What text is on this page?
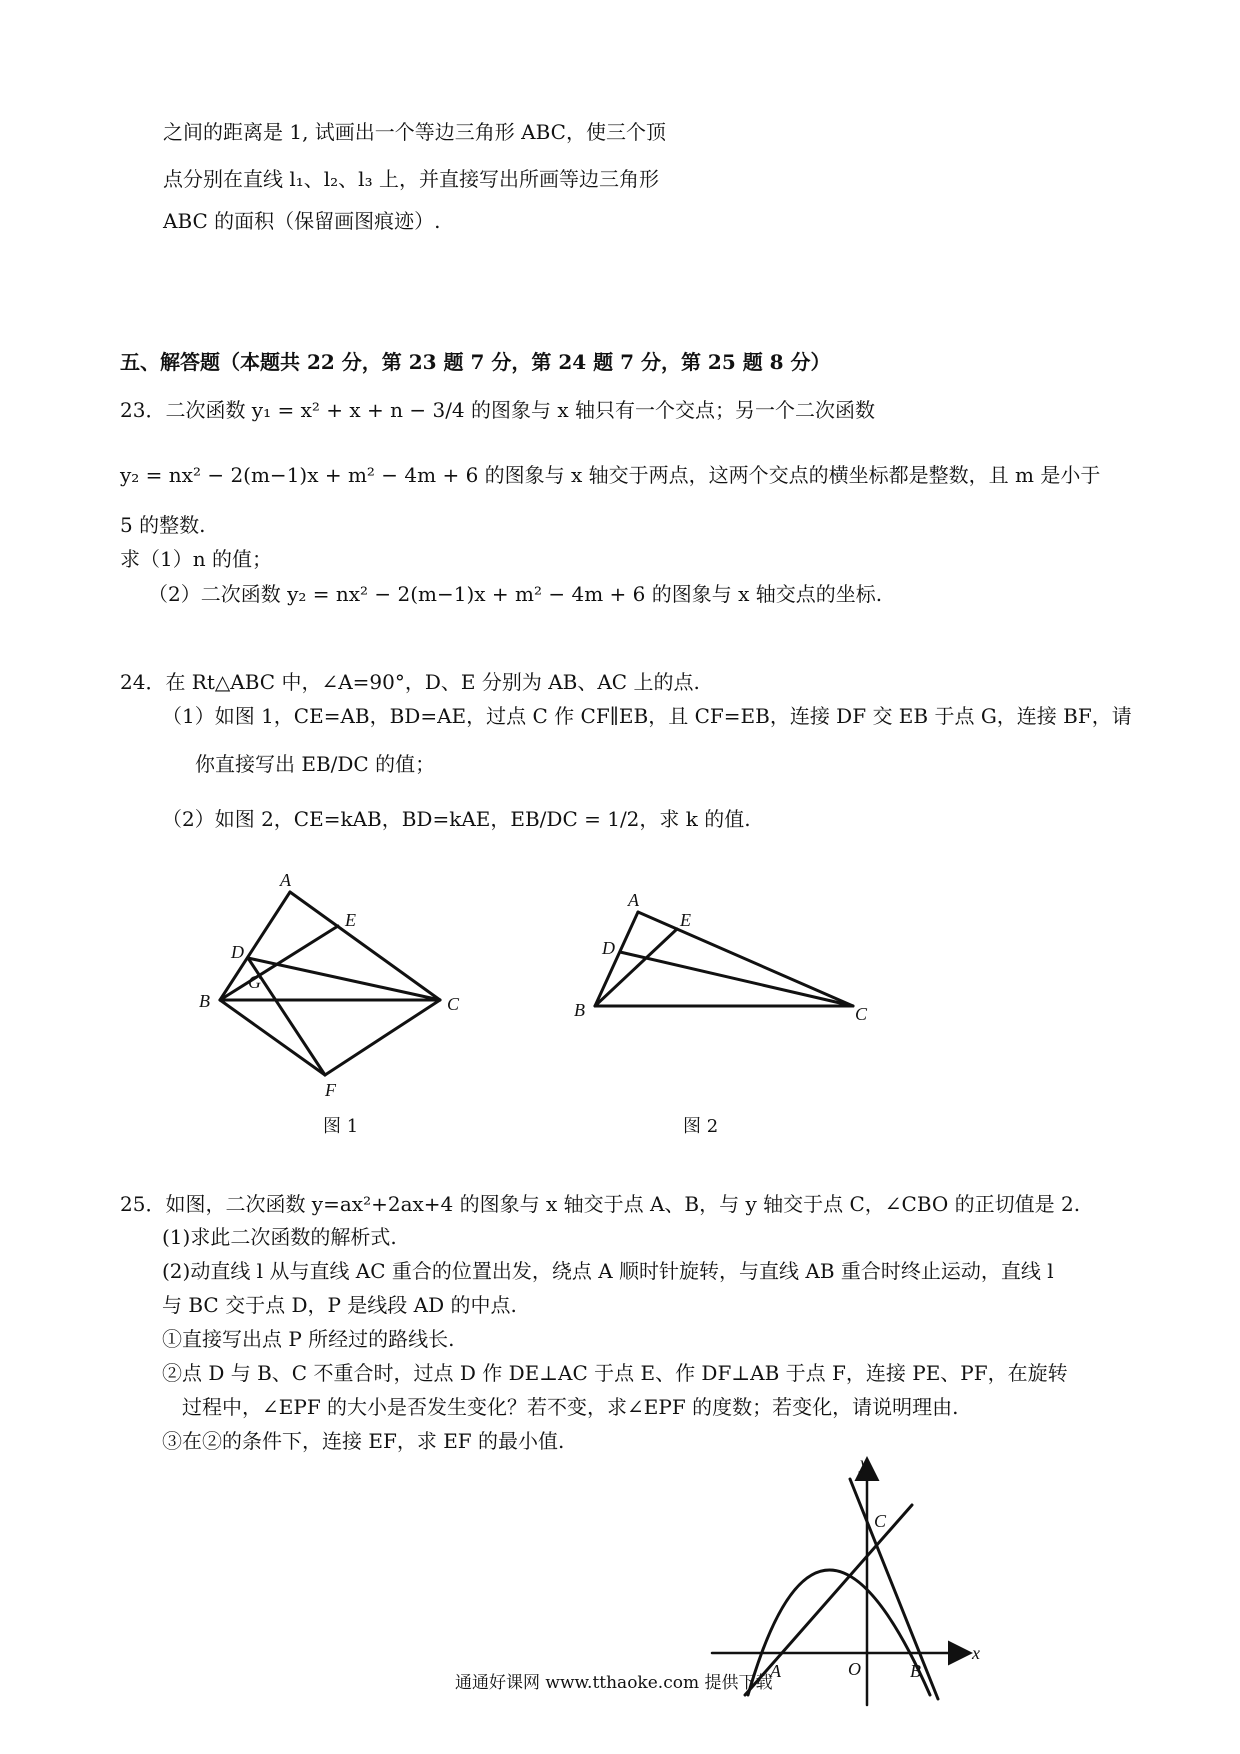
之间的距离是 1, 试画出一个等边三角形 ABC，使三个顶
点分别在直线 l₁、l₂、l₃ 上，并直接写出所画等边三角形
ABC 的面积（保留画图痕迹）.
五、解答题（本题共 22 分，第 23 题 7 分，第 24 题 7 分，第 25 题 8 分）
23．二次函数 y₁ = x² + x + n − 3/4 的图象与 x 轴只有一个交点；另一个二次函数
y₂ = nx² − 2(m−1)x + m² − 4m + 6 的图象与 x 轴交于两点，这两个交点的横坐标都是整数，且 m 是小于
5 的整数.
求（1）n 的值；
（2）二次函数 y₂ = nx² − 2(m−1)x + m² − 4m + 6 的图象与 x 轴交点的坐标.
24．在 Rt△ABC 中，∠A=90°，D、E 分别为 AB、AC 上的点.
（1）如图 1，CE=AB，BD=AE，过点 C 作 CF∥EB，且 CF=EB，连接 DF 交 EB 于点 G，连接 BF，请
你直接写出 EB/DC 的值；
（2）如图 2，CE=kAB，BD=kAE，EB/DC = 1/2，求 k 的值.
A
E
D
G
B	C
F
图 1
A
E
D
B	C
图 2
25．如图，二次函数 y=ax²+2ax+4 的图象与 x 轴交于点 A、B，与 y 轴交于点 C，∠CBO 的正切值是 2.
(1)求此二次函数的解析式.
(2)动直线 l 从与直线 AC 重合的位置出发，绕点 A 顺时针旋转，与直线 AB 重合时终止运动，直线 l
与 BC 交于点 D，P 是线段 AD 的中点.
①直接写出点 P 所经过的路线长.
②点 D 与 B、C 不重合时，过点 D 作 DE⊥AC 于点 E、作 DF⊥AB 于点 F，连接 PE、PF，在旋转
过程中，∠EPF 的大小是否发生变化？若不变，求∠EPF 的度数；若变化，请说明理由.
③在②的条件下，连接 EF，求 EF 的最小值.
y
x
A	O	B
C
通通好课网 www.tthaoke.com 提供下载
